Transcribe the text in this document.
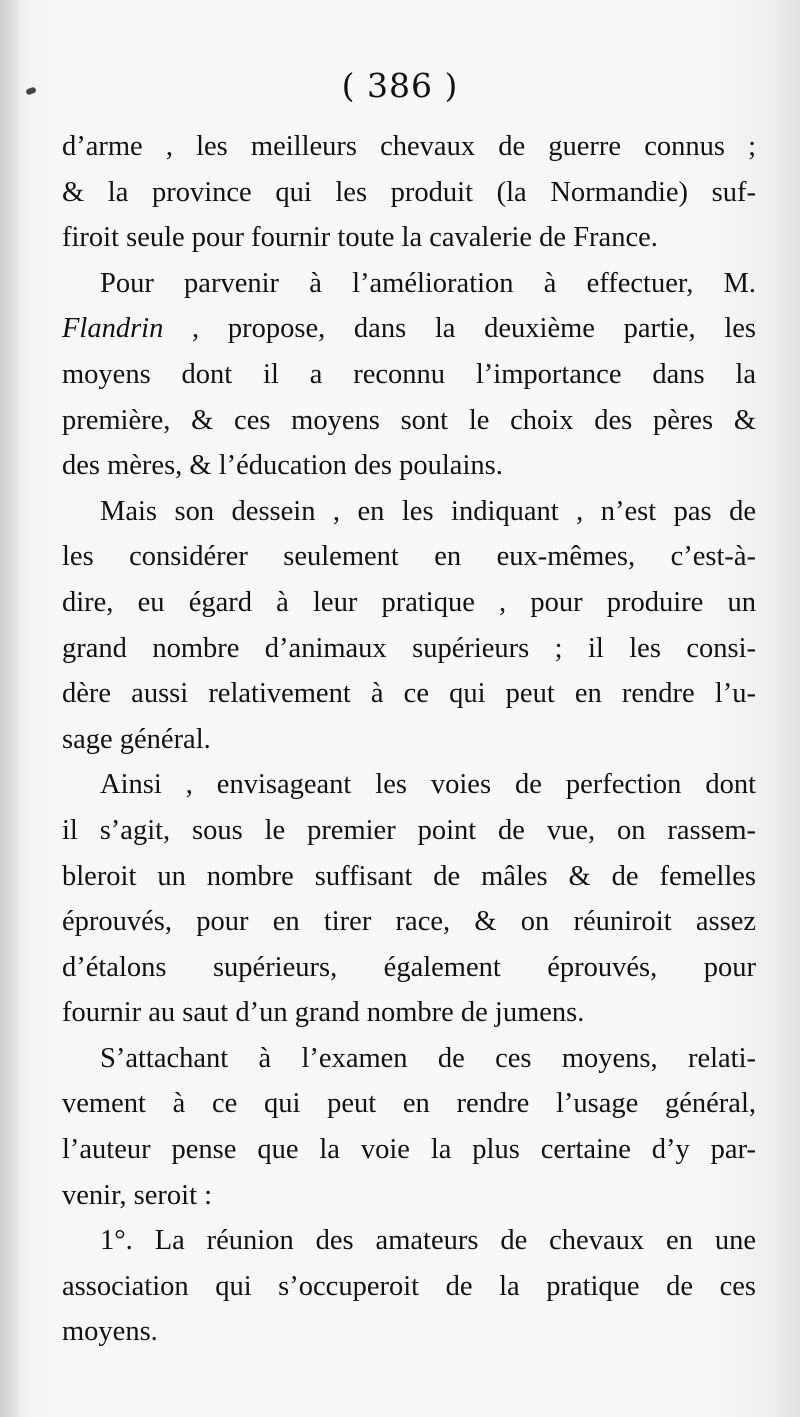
( 386 )
d’arme , les meilleurs chevaux de guerre connus ;
& la province qui les produit (la Normandie) suf-
firoit seule pour fournir toute la cavalerie de France.
Pour parvenir à l’amélioration à effectuer, M.
Flandrin , propose, dans la deuxième partie, les
moyens dont il a reconnu l’importance dans la
première, & ces moyens sont le choix des pères &
des mères, & l’éducation des poulains.
Mais son dessein , en les indiquant , n’est pas de
les considérer seulement en eux-mêmes, c’est-à-
dire, eu égard à leur pratique , pour produire un
grand nombre d’animaux supérieurs ; il les consi-
dère aussi relativement à ce qui peut en rendre l’u-
sage général.
Ainsi , envisageant les voies de perfection dont
il s’agit, sous le premier point de vue, on rassem-
bleroit un nombre suffisant de mâles & de femelles
éprouvés, pour en tirer race, & on réuniroit assez
d’étalons supérieurs, également éprouvés, pour
fournir au saut d’un grand nombre de jumens.
S’attachant à l’examen de ces moyens, relati-
vement à ce qui peut en rendre l’usage général,
l’auteur pense que la voie la plus certaine d’y par-
venir, seroit :
1°. La réunion des amateurs de chevaux en une
association qui s’occuperoit de la pratique de ces
moyens.
